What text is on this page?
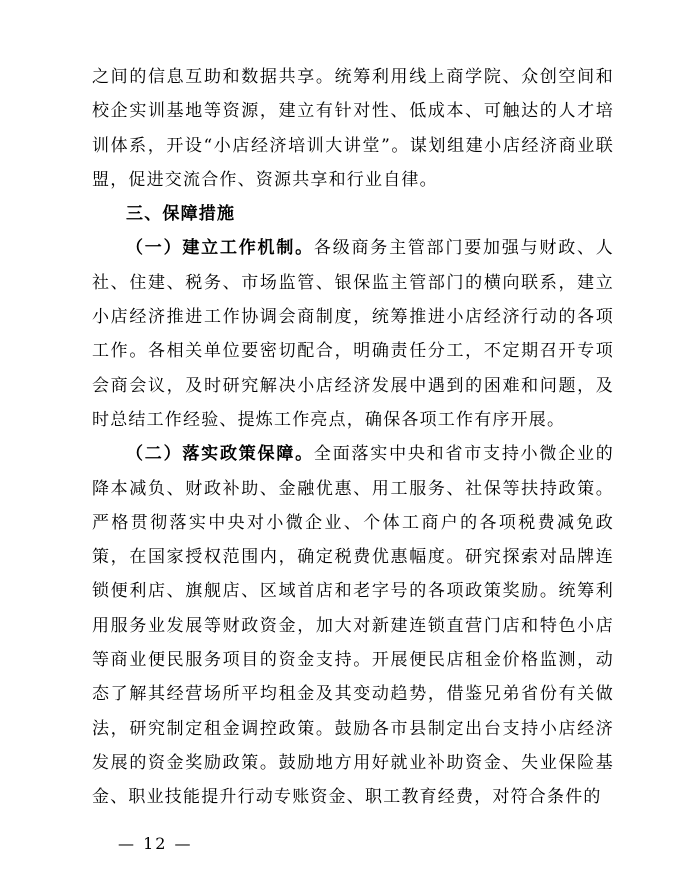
之间的信息互助和数据共享。统筹利用线上商学院、众创空间和校企实训基地等资源，建立有针对性、低成本、可触达的人才培训体系，开设“小店经济培训大讲堂”。谋划组建小店经济商业联盟，促进交流合作、资源共享和行业自律。

三、保障措施

（一）建立工作机制。各级商务主管部门要加强与财政、人社、住建、税务、市场监管、银保监主管部门的横向联系，建立小店经济推进工作协调会商制度，统筹推进小店经济行动的各项工作。各相关单位要密切配合，明确责任分工，不定期召开专项会商会议，及时研究解决小店经济发展中遇到的困难和问题，及时总结工作经验、提炼工作亮点，确保各项工作有序开展。

（二）落实政策保障。全面落实中央和省市支持小微企业的降本减负、财政补助、金融优惠、用工服务、社保等扶持政策。严格贯彻落实中央对小微企业、个体工商户的各项税费减免政策，在国家授权范围内，确定税费优惠幅度。研究探索对品牌连锁便利店、旗舰店、区域首店和老字号的各项政策奖励。统筹利用服务业发展等财政资金，加大对新建连锁直营门店和特色小店等商业便民服务项目的资金支持。开展便民店租金价格监测，动态了解其经营场所平均租金及其变动趋势，借鉴兄弟省份有关做法，研究制定租金调控政策。鼓励各市县制定出台支持小店经济发展的资金奖励政策。鼓励地方用好就业补助资金、失业保险基金、职业技能提升行动专账资金、职工教育经费，对符合条件的

— 12 —
